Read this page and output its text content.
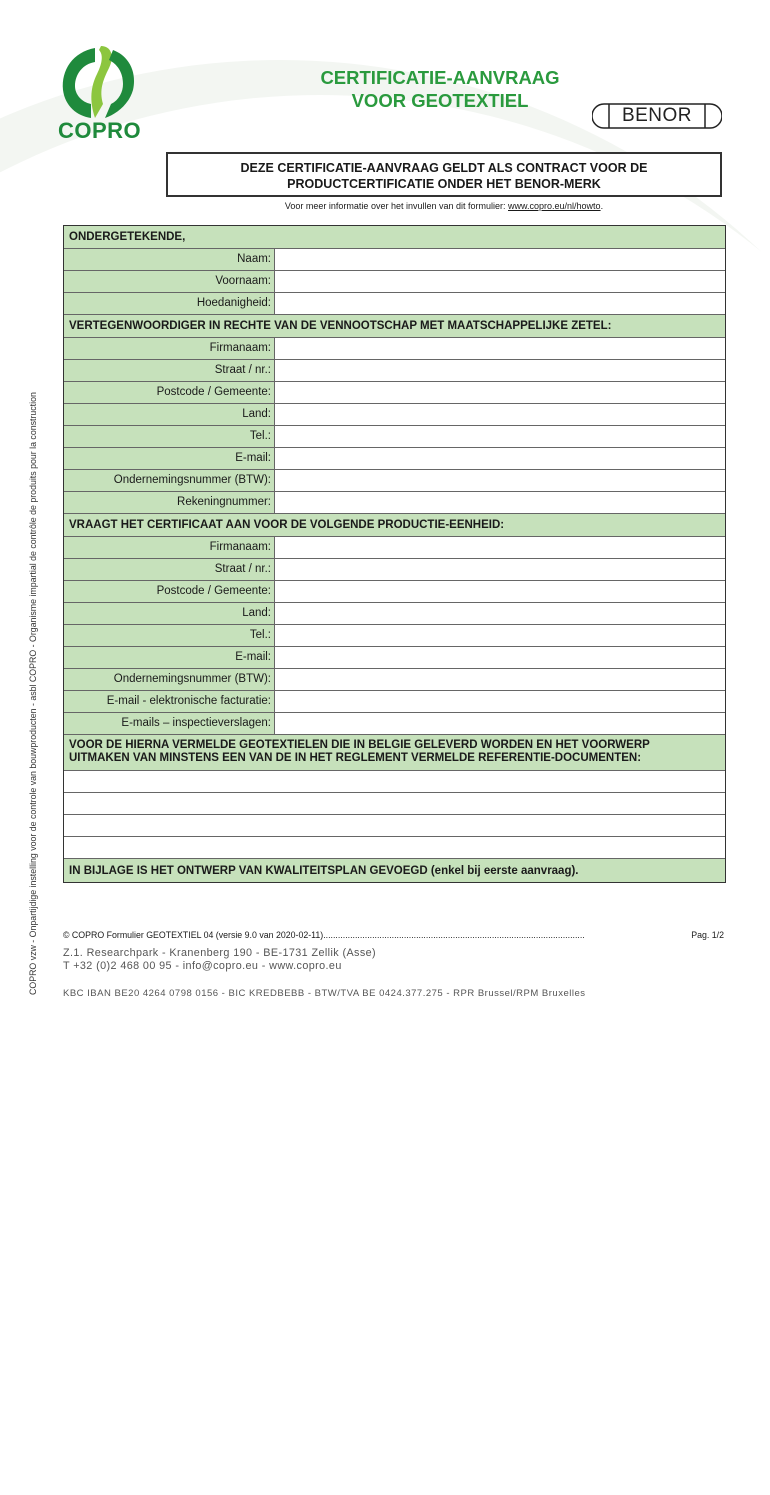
COPRO
CERTIFICATIE-AANVRAAG
VOOR GEOTEXTIEL
BENOR
DEZE CERTIFICATIE-AANVRAAG GELDT ALS CONTRACT VOOR DE
PRODUCTCERTIFICATIE ONDER HET BENOR-MERK
Voor meer informatie over het invullen van dit formulier: www.copro.eu/nl/howto.
COPRO vzw - Onpartijdige instelling voor de controle van bouwproducten - asbl COPRO - Organisme impartial de contrôle de produits pour la construction
ONDERGETEKENDE,
Naam:
Voornaam:
Hoedanigheid:
VERTEGENWOORDIGER IN RECHTE VAN DE VENNOOTSCHAP MET MAATSCHAPPELIJKE ZETEL:
Firmanaam:
Straat / nr.:
Postcode / Gemeente:
Land:
Tel.:
E-mail:
Ondernemingsnummer (BTW):
Rekeningnummer:
VRAAGT HET CERTIFICAAT AAN VOOR DE VOLGENDE PRODUCTIE-EENHEID:
Firmanaam:
Straat / nr.:
Postcode / Gemeente:
Land:
Tel.:
E-mail:
Ondernemingsnummer (BTW):
E-mail - elektronische facturatie:
E-mails – inspectieverslagen:
VOOR DE HIERNA VERMELDE GEOTEXTIELEN DIE IN BELGIE GELEVERD WORDEN EN HET VOORWERP
UITMAKEN VAN MINSTENS EEN VAN DE IN HET REGLEMENT VERMELDE REFERENTIE-DOCUMENTEN:
IN BIJLAGE IS HET ONTWERP VAN KWALITEITSPLAN GEVOEGD (enkel bij eerste aanvraag).
© COPRO Formulier GEOTEXTIEL 04 (versie 9.0 van 2020-02-11)...........................................................................................................	Pag. 1/2
Z.1. Researchpark - Kranenberg 190 - BE-1731 Zellik (Asse)
T +32 (0)2 468 00 95 - info@copro.eu - www.copro.eu
KBC IBAN BE20 4264 0798 0156 - BIC KREDBEBB - BTW/TVA BE 0424.377.275 - RPR Brussel/RPM Bruxelles
